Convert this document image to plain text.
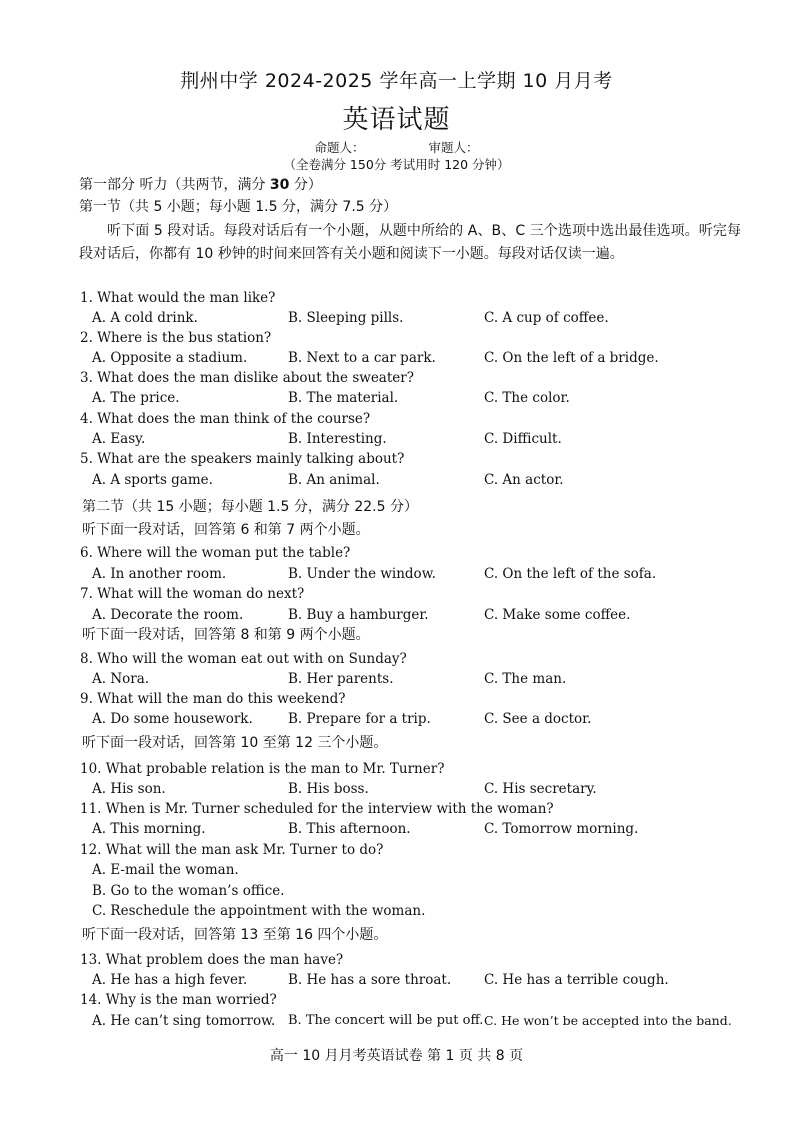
荆州中学 2024-2025 学年高一上学期 10 月月考
英语试题
命题人：	审题人：
（全卷满分 150分 考试用时 120 分钟）
第一部分 听力（共两节，满分 30 分）
第一节（共 5 小题；每小题 1.5 分，满分 7.5 分）
听下面 5 段对话。每段对话后有一个小题，从题中所给的 A、B、C 三个选项中选出最佳选项。听完每段对话后，你都有 10 秒钟的时间来回答有关小题和阅读下一小题。每段对话仅读一遍。
1. What would the man like?
A. A cold drink.	B. Sleeping pills.	C. A cup of coffee.
2. Where is the bus station?
A. Opposite a stadium.	B. Next to a car park.	C. On the left of a bridge.
3. What does the man dislike about the sweater?
A. The price.	B. The material.	C. The color.
4. What does the man think of the course?
A. Easy.	B. Interesting.	C. Difficult.
5. What are the speakers mainly talking about?
A. A sports game.	B. An animal.	C. An actor.
第二节（共 15 小题；每小题 1.5 分，满分 22.5 分）
听下面一段对话，回答第 6 和第 7 两个小题。
6. Where will the woman put the table?
A. In another room.	B. Under the window.	C. On the left of the sofa.
7. What will the woman do next?
A. Decorate the room.	B. Buy a hamburger.	C. Make some coffee.
听下面一段对话，回答第 8 和第 9 两个小题。
8. Who will the woman eat out with on Sunday?
A. Nora.	B. Her parents.	C. The man.
9. What will the man do this weekend?
A. Do some housework.	B. Prepare for a trip.	C. See a doctor.
听下面一段对话，回答第 10 至第 12 三个小题。
10. What probable relation is the man to Mr. Turner?
A. His son.	B. His boss.	C. His secretary.
11. When is Mr. Turner scheduled for the interview with the woman?
A. This morning.	B. This afternoon.	C. Tomorrow morning.
12. What will the man ask Mr. Turner to do?
A. E-mail the woman.
B. Go to the woman’s office.
C. Reschedule the appointment with the woman.
听下面一段对话，回答第 13 至第 16 四个小题。
13. What problem does the man have?
A. He has a high fever.	B. He has a sore throat. C. He has a terrible cough.
14. Why is the man worried?
A. He can’t sing tomorrow. B. The concert will be put off. C. He won’t be accepted into the band.
高一 10 月月考英语试卷 第 1 页 共 8 页
